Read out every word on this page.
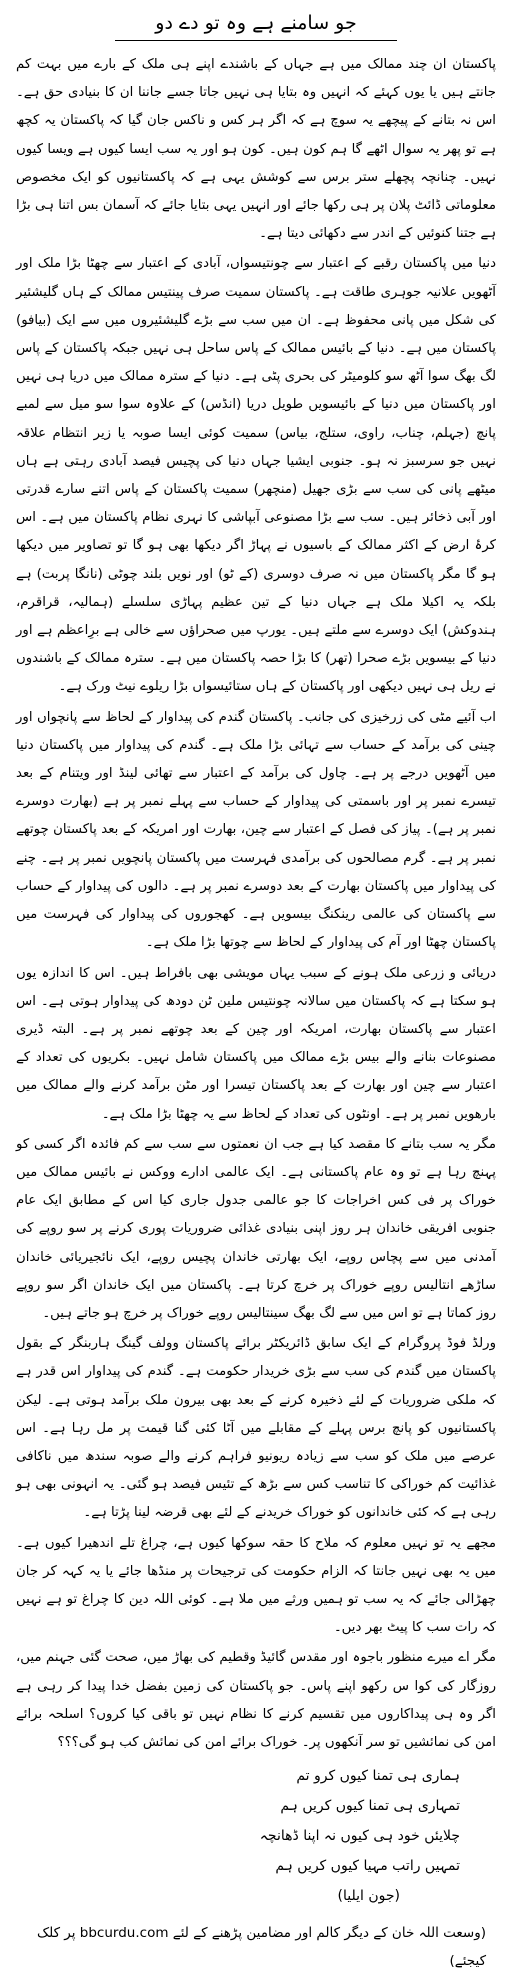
جو سامنے ہے وہ تو دے دو

پاکستان ان چند ممالک میں ہے جہاں کے باشندے اپنے ہی ملک کے بارے میں بہت کم جانتے ہیں یا یوں کہئے کہ انہیں وہ بتایا ہی نہیں جاتا جسے جاننا ان کا بنیادی حق ہے۔ اس نہ بتانے کے پیچھے یہ سوچ ہے کہ اگر ہر کس و ناکس جان گیا کہ پاکستان یہ کچھ ہے تو پھر یہ سوال اٹھے گا ہم کون ہیں۔ کون ہو اور یہ سب ایسا کیوں ہے ویسا کیوں نہیں۔ چنانچہ پچھلے ستر برس سے کوشش یہی ہے کہ پاکستانیوں کو ایک مخصوص معلوماتی ڈائٹ پلان پر ہی رکھا جائے اور انہیں یہی بتایا جائے کہ آسمان بس اتنا ہی بڑا ہے جتنا کنوئیں کے اندر سے دکھائی دیتا ہے۔

دنیا میں پاکستان رقبے کے اعتبار سے چونتیسواں، آبادی کے اعتبار سے چھٹا بڑا ملک اور آٹھویں علانیہ جوہری طاقت ہے۔ پاکستان سمیت صرف پینتیس ممالک کے ہاں گلیشئیر کی شکل میں پانی محفوظ ہے۔ ان میں سب سے بڑے گلیشئیروں میں سے ایک (بیافو) پاکستان میں ہے۔ دنیا کے بائیس ممالک کے پاس ساحل ہی نہیں جبکہ پاکستان کے پاس لگ بھگ سوا آٹھ سو کلومیٹر کی بحری پٹی ہے۔ دنیا کے سترہ ممالک میں دریا ہی نہیں اور پاکستان میں دنیا کے بائیسویں طویل دریا (انڈس) کے علاوہ سوا سو میل سے لمبے پانچ (جہلم، چناب، راوی، ستلج، بیاس) سمیت کوئی ایسا صوبہ یا زیر انتظام علاقہ نہیں جو سرسبز نہ ہو۔ جنوبی ایشیا جہاں دنیا کی پچیس فیصد آبادی رہتی ہے ہاں میٹھے پانی کی سب سے بڑی جھیل (منچھر) سمیت پاکستان کے پاس اتنے سارے قدرتی اور آبی ذخائر ہیں۔ سب سے بڑا مصنوعی آبپاشی کا نہری نظام پاکستان میں ہے۔ اس کرۂ ارض کے اکثر ممالک کے باسیوں نے پہاڑ اگر دیکھا بھی ہو گا تو تصاویر میں دیکھا ہو گا مگر پاکستان میں نہ صرف دوسری (کے ٹو) اور نویں بلند چوٹی (نانگا پربت) ہے بلکہ یہ اکیلا ملک ہے جہاں دنیا کے تین عظیم پہاڑی سلسلے (ہمالیہ، قراقرم، ہندوکش) ایک دوسرے سے ملتے ہیں۔ یورپ میں صحراؤں سے خالی ہے برِاعظم ہے اور دنیا کے بیسویں بڑے صحرا (تھر) کا بڑا حصہ پاکستان میں ہے۔ سترہ ممالک کے باشندوں نے ریل ہی نہیں دیکھی اور پاکستان کے ہاں ستائیسواں بڑا ریلوے نیٹ ورک ہے۔

اب آئیے مٹی کی زرخیزی کی جانب۔ پاکستان گندم کی پیداوار کے لحاظ سے پانچواں اور چینی کی برآمد کے حساب سے تہائی بڑا ملک ہے۔ گندم کی پیداوار میں پاکستان دنیا میں آٹھویں درجے پر ہے۔ چاول کی برآمد کے اعتبار سے تھائی لینڈ اور ویتنام کے بعد تیسرے نمبر پر اور باسمتی کی پیداوار کے حساب سے پہلے نمبر پر ہے (بھارت دوسرے نمبر پر ہے)۔ پیاز کی فصل کے اعتبار سے چین، بھارت اور امریکہ کے بعد پاکستان چوتھے نمبر پر ہے۔ گرم مصالحوں کی برآمدی فہرست میں پاکستان پانچویں نمبر پر ہے۔ چنے کی پیداوار میں پاکستان بھارت کے بعد دوسرے نمبر پر ہے۔ دالوں کی پیداوار کے حساب سے پاکستان کی عالمی رینکنگ بیسویں ہے۔ کھجوروں کی پیداوار کی فہرست میں پاکستان چھٹا اور آم کی پیداوار کے لحاظ سے چوتھا بڑا ملک ہے۔

دریائی و زرعی ملک ہونے کے سبب یہاں مویشی بھی بافراط ہیں۔ اس کا اندازہ یوں ہو سکتا ہے کہ پاکستان میں سالانہ چونتیس ملین ٹن دودھ کی پیداوار ہوتی ہے۔ اس اعتبار سے پاکستان بھارت، امریکہ اور چین کے بعد چوتھے نمبر پر ہے۔ البتہ ڈیری مصنوعات بنانے والے بیس بڑے ممالک میں پاکستان شامل نہیں۔ بکریوں کی تعداد کے اعتبار سے چین اور بھارت کے بعد پاکستان تیسرا اور مٹن برآمد کرنے والے ممالک میں بارھویں نمبر پر ہے۔ اونٹوں کی تعداد کے لحاظ سے یہ چھٹا بڑا ملک ہے۔

مگر یہ سب بتانے کا مقصد کیا ہے جب ان نعمتوں سے سب سے کم فائدہ اگر کسی کو پہنچ رہا ہے تو وہ عام پاکستانی ہے۔ ایک عالمی ادارے ووکس نے بائیس ممالک میں خوراک پر فی کس اخراجات کا جو عالمی جدول جاری کیا اس کے مطابق ایک عام جنوبی افریقی خاندان ہر روز اپنی بنیادی غذائی ضروریات پوری کرنے پر سو روپے کی آمدنی میں سے پچاس روپے، ایک بھارتی خاندان پچیس روپے، ایک نائجیریائی خاندان ساڑھے انتالیس روپے خوراک پر خرچ کرتا ہے۔ پاکستان میں ایک خاندان اگر سو روپے روز کماتا ہے تو اس میں سے لگ بھگ سینتالیس روپے خوراک پر خرچ ہو جاتے ہیں۔

ورلڈ فوڈ پروگرام کے ایک سابق ڈائریکٹر برائے پاکستان وولف گینگ ہاربنگر کے بقول پاکستان میں گندم کی سب سے بڑی خریدار حکومت ہے۔ گندم کی پیداوار اس قدر ہے کہ ملکی ضروریات کے لئے ذخیرہ کرنے کے بعد بھی بیرون ملک برآمد ہوتی ہے۔ لیکن پاکستانیوں کو پانچ برس پہلے کے مقابلے میں آٹا کئی گنا قیمت پر مل رہا ہے۔ اس عرصے میں ملک کو سب سے زیادہ ریونیو فراہم کرنے والے صوبہ سندھ میں ناکافی غذائیت کم خوراکی کا تناسب کس سے بڑھ کے تئیس فیصد ہو گئی۔ یہ انہونی بھی ہو رہی ہے کہ کئی خاندانوں کو خوراک خریدنے کے لئے بھی قرضہ لینا پڑتا ہے۔

مجھے یہ تو نہیں معلوم کہ ملاح کا حقہ سوکھا کیوں ہے، چراغ تلے اندھیرا کیوں ہے۔ میں یہ بھی نہیں جانتا کہ الزام حکومت کی ترجیحات پر منڈھا جائے یا یہ کہہ کر جان چھڑالی جائے کہ یہ سب تو ہمیں ورثے میں ملا ہے۔ کوئی اللہ دین کا چراغ تو ہے نہیں کہ رات سب کا پیٹ بھر دیں۔

مگر اے میرے منظور باجوہ اور مقدس گائیڈ وقطیم کی بھاڑ میں، صحت گئی جہنم میں، روزگار کی کوا س رکھو اپنے پاس۔ جو پاکستان کی زمین بفضل خدا پیدا کر رہی ہے اگر وہ ہی پیداکاروں میں تقسیم کرنے کا نظام نہیں تو باقی کیا کروں؟ اسلحہ برائے امن کی نمائشیں تو سر آنکھوں پر۔ خوراک برائے امن کی نمائش کب ہو گی؟؟؟

ہماری ہی تمنا کیوں کرو تم
تمہاری ہی تمنا کیوں کریں ہم
چلایئں خود ہی کیوں نہ اپنا ڈھانچہ
تمہیں راتب مہیا کیوں کریں ہم
(جون ایلیا)
(وسعت اللہ خان کے دیگر کالم اور مضامین پڑھنے کے لئے bbcurdu.com پر کلک کیجئے)
